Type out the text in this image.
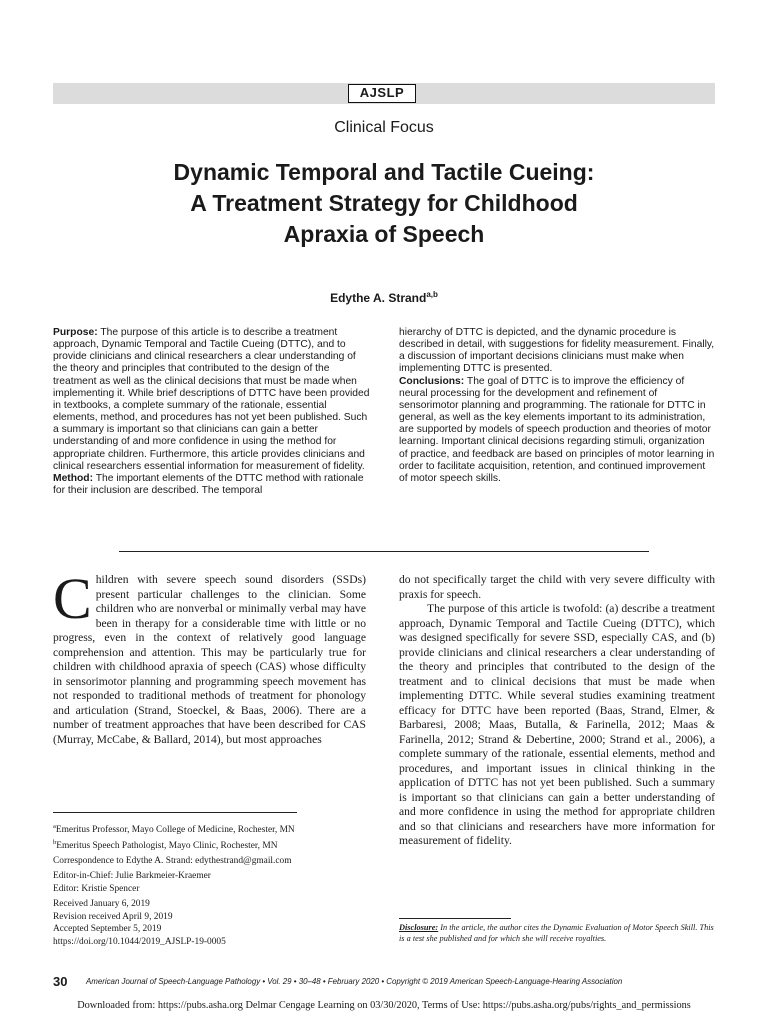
AJSLP
Clinical Focus
Dynamic Temporal and Tactile Cueing:
A Treatment Strategy for Childhood
Apraxia of Speech
Edythe A. Strand$^{a,b}$
Purpose: The purpose of this article is to describe a treatment approach, Dynamic Temporal and Tactile Cueing (DTTC), and to provide clinicians and clinical researchers a clear understanding of the theory and principles that contributed to the design of the treatment as well as the clinical decisions that must be made when implementing it. While brief descriptions of DTTC have been provided in textbooks, a complete summary of the rationale, essential elements, method, and procedures has not yet been published. Such a summary is important so that clinicians can gain a better understanding of and more confidence in using the method for appropriate children. Furthermore, this article provides clinicians and clinical researchers essential information for measurement of fidelity.
Method: The important elements of the DTTC method with rationale for their inclusion are described. The temporal
hierarchy of DTTC is depicted, and the dynamic procedure is described in detail, with suggestions for fidelity measurement. Finally, a discussion of important decisions clinicians must make when implementing DTTC is presented.
Conclusions: The goal of DTTC is to improve the efficiency of neural processing for the development and refinement of sensorimotor planning and programming. The rationale for DTTC in general, as well as the key elements important to its administration, are supported by models of speech production and theories of motor learning. Important clinical decisions regarding stimuli, organization of practice, and feedback are based on principles of motor learning in order to facilitate acquisition, retention, and continued improvement of motor speech skills.
Children with severe speech sound disorders (SSDs) present particular challenges to the clinician. Some children who are nonverbal or minimally verbal may have been in therapy for a considerable time with little or no progress, even in the context of relatively good language comprehension and attention. This may be particularly true for children with childhood apraxia of speech (CAS) whose difficulty in sensorimotor planning and programming speech movement has not responded to traditional methods of treatment for phonology and articulation (Strand, Stoeckel, & Baas, 2006). There are a number of treatment approaches that have been described for CAS (Murray, McCabe, & Ballard, 2014), but most approaches
do not specifically target the child with very severe difficulty with praxis for speech.
The purpose of this article is twofold: (a) describe a treatment approach, Dynamic Temporal and Tactile Cueing (DTTC), which was designed specifically for severe SSD, especially CAS, and (b) provide clinicians and clinical researchers a clear understanding of the theory and principles that contributed to the design of the treatment and to clinical decisions that must be made when implementing DTTC. While several studies examining treatment efficacy for DTTC have been reported (Baas, Strand, Elmer, & Barbaresi, 2008; Maas, Butalla, & Farinella, 2012; Maas & Farinella, 2012; Strand & Debertine, 2000; Strand et al., 2006), a complete summary of the rationale, essential elements, method and procedures, and important issues in clinical thinking in the application of DTTC has not yet been published. Such a summary is important so that clinicians can gain a better understanding of and more confidence in using the method for appropriate children and so that clinicians and researchers have more information for measurement of fidelity.

$^a$Emeritus Professor, Mayo College of Medicine, Rochester, MN

$^b$Emeritus Speech Pathologist, Mayo Clinic, Rochester, MN

Correspondence to Edythe A. Strand: edythestrand@gmail.com

Editor-in-Chief: Julie Barkmeier-Kraemer

Editor: Kristie Spencer

Received January 6, 2019

Revision received April 9, 2019

Accepted September 5, 2019

https://doi.org/10.1044/2019_AJSLP-19-0005

Disclosure: In the article, the author cites the Dynamic Evaluation of Motor Speech Skill. This is a test she published and for which she will receive royalties.
30 American Journal of Speech-Language Pathology • Vol. 29 • 30–48 • February 2020 • Copyright © 2019 American Speech-Language-Hearing Association
Downloaded from: https://pubs.asha.org Delmar Cengage Learning on 03/30/2020, Terms of Use: https://pubs.asha.org/pubs/rights_and_permissions
